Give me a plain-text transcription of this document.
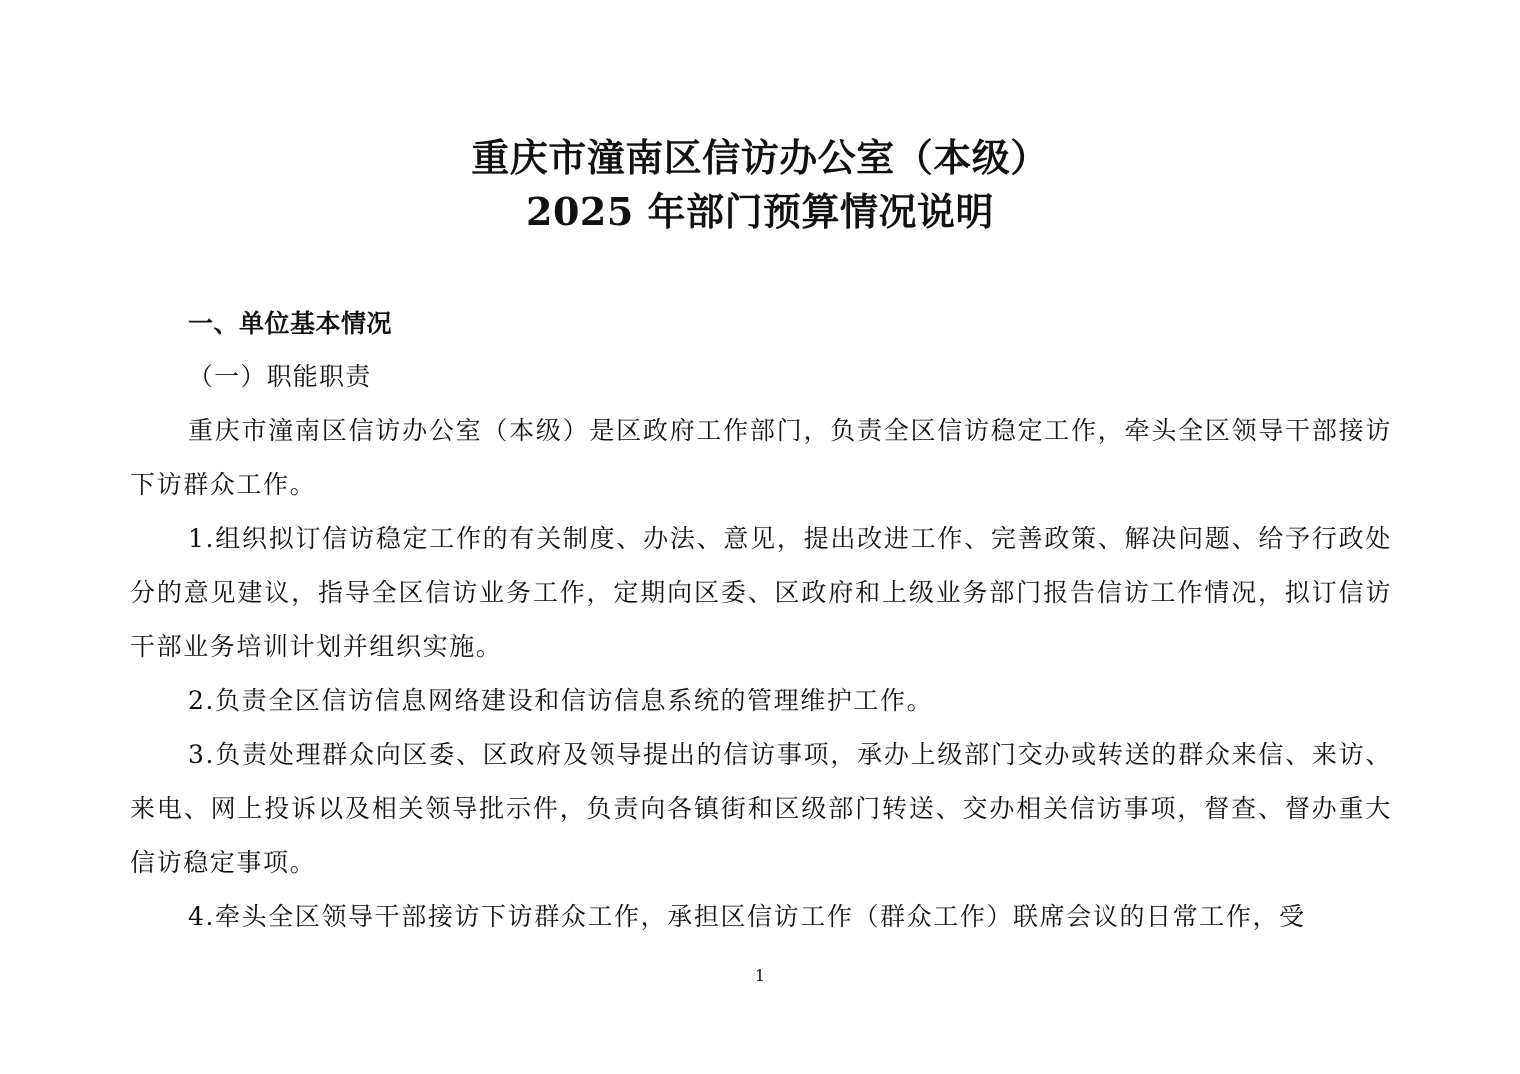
重庆市潼南区信访办公室（本级）
2025 年部门预算情况说明
一、单位基本情况
（一）职能职责

重庆市潼南区信访办公室（本级）是区政府工作部门，负责全区信访稳定工作，牵头全区领导干部接访下访群众工作。

1.组织拟订信访稳定工作的有关制度、办法、意见，提出改进工作、完善政策、解决问题、给予行政处分的意见建议，指导全区信访业务工作，定期向区委、区政府和上级业务部门报告信访工作情况，拟订信访干部业务培训计划并组织实施。

2.负责全区信访信息网络建设和信访信息系统的管理维护工作。

3.负责处理群众向区委、区政府及领导提出的信访事项，承办上级部门交办或转送的群众来信、来访、来电、网上投诉以及相关领导批示件，负责向各镇街和区级部门转送、交办相关信访事项，督查、督办重大信访稳定事项。

4.牵头全区领导干部接访下访群众工作，承担区信访工作（群众工作）联席会议的日常工作，受

1
